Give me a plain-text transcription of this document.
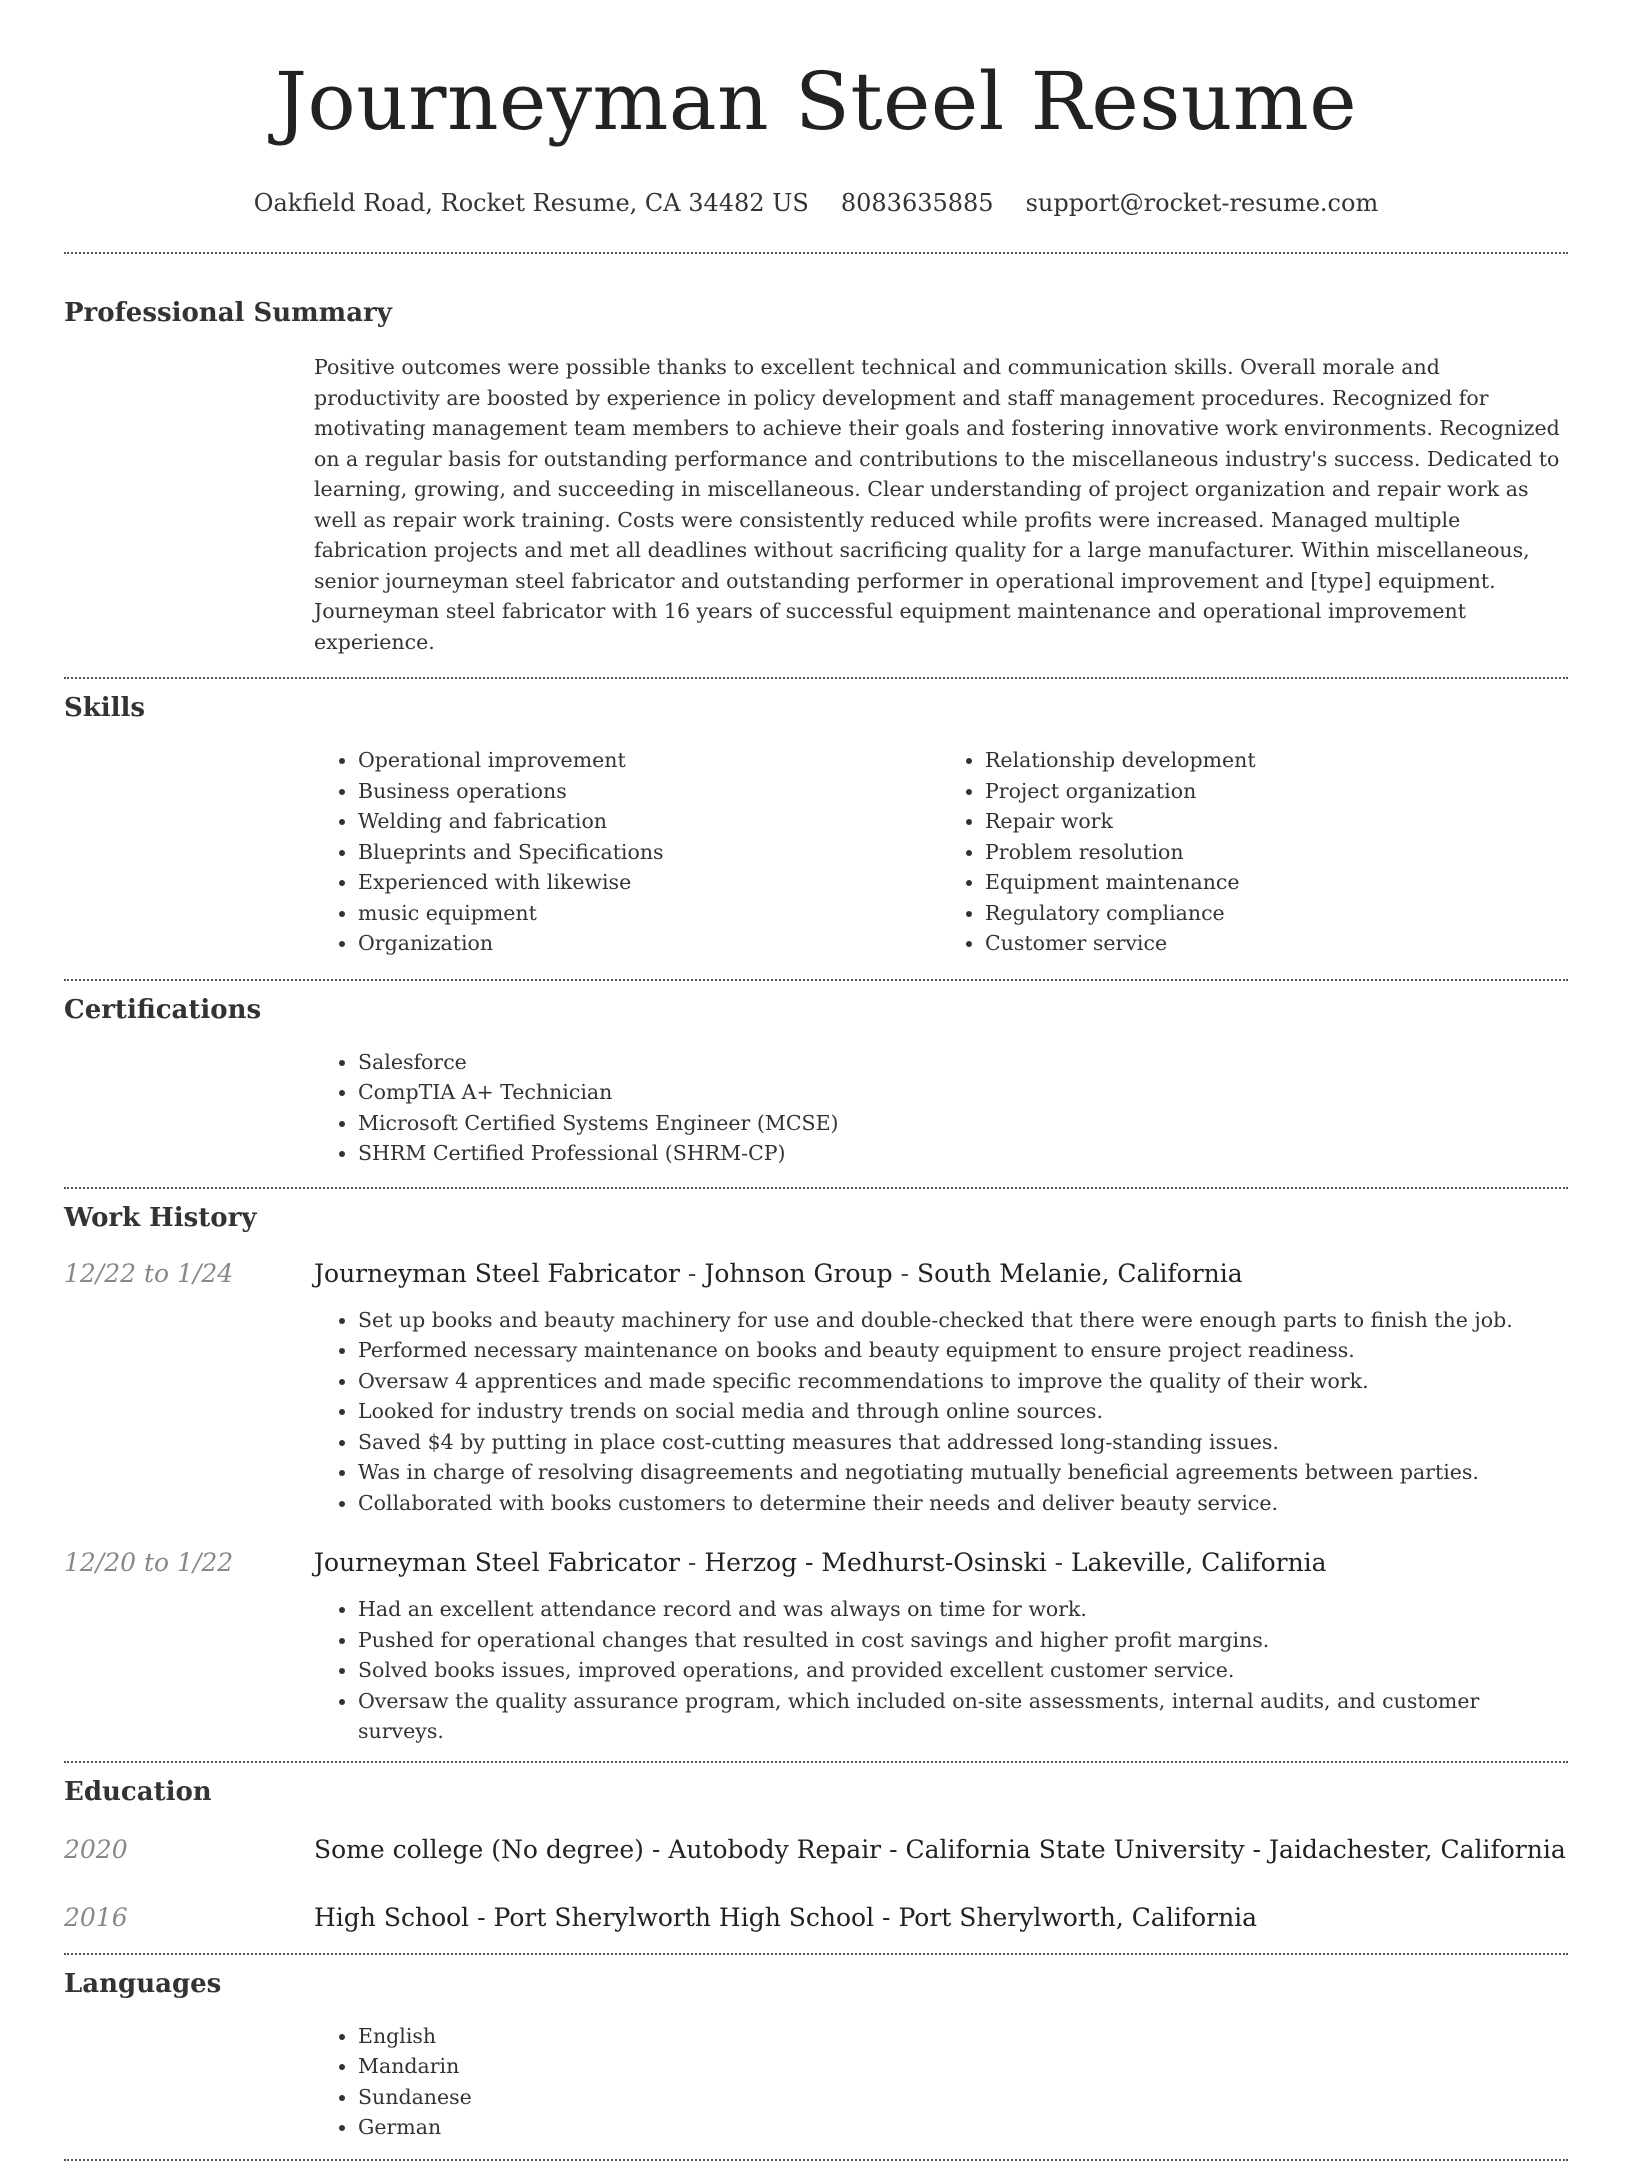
Journeyman Steel Resume
Oakfield Road, Rocket Resume, CA 34482 US 8083635885 support@rocket-resume.com
Professional Summary
Positive outcomes were possible thanks to excellent technical and communication skills. Overall morale and productivity are boosted by experience in policy development and staff management procedures. Recognized for motivating management team members to achieve their goals and fostering innovative work environments. Recognized on a regular basis for outstanding performance and contributions to the miscellaneous industry's success. Dedicated to learning, growing, and succeeding in miscellaneous. Clear understanding of project organization and repair work as well as repair work training. Costs were consistently reduced while profits were increased. Managed multiple fabrication projects and met all deadlines without sacrificing quality for a large manufacturer. Within miscellaneous, senior journeyman steel fabricator and outstanding performer in operational improvement and [type] equipment. Journeyman steel fabricator with 16 years of successful equipment maintenance and operational improvement experience.
Skills
• Operational improvement
• Business operations
• Welding and fabrication
• Blueprints and Specifications
• Experienced with likewise
• music equipment
• Organization
• Relationship development
• Project organization
• Repair work
• Problem resolution
• Equipment maintenance
• Regulatory compliance
• Customer service
Certifications
• Salesforce
• CompTIA A+ Technician
• Microsoft Certified Systems Engineer (MCSE)
• SHRM Certified Professional (SHRM-CP)
Work History
12/22 to 1/24	Journeyman Steel Fabricator - Johnson Group - South Melanie, California
• Set up books and beauty machinery for use and double-checked that there were enough parts to finish the job.
• Performed necessary maintenance on books and beauty equipment to ensure project readiness.
• Oversaw 4 apprentices and made specific recommendations to improve the quality of their work.
• Looked for industry trends on social media and through online sources.
• Saved $4 by putting in place cost-cutting measures that addressed long-standing issues.
• Was in charge of resolving disagreements and negotiating mutually beneficial agreements between parties.
• Collaborated with books customers to determine their needs and deliver beauty service.
12/20 to 1/22	Journeyman Steel Fabricator - Herzog - Medhurst-Osinski - Lakeville, California
• Had an excellent attendance record and was always on time for work.
• Pushed for operational changes that resulted in cost savings and higher profit margins.
• Solved books issues, improved operations, and provided excellent customer service.
• Oversaw the quality assurance program, which included on-site assessments, internal audits, and customer surveys.
Education
2020	Some college (No degree) - Autobody Repair - California State University - Jaidachester, California
2016	High School - Port Sherylworth High School - Port Sherylworth, California
Languages
• English
• Mandarin
• Sundanese
• German
